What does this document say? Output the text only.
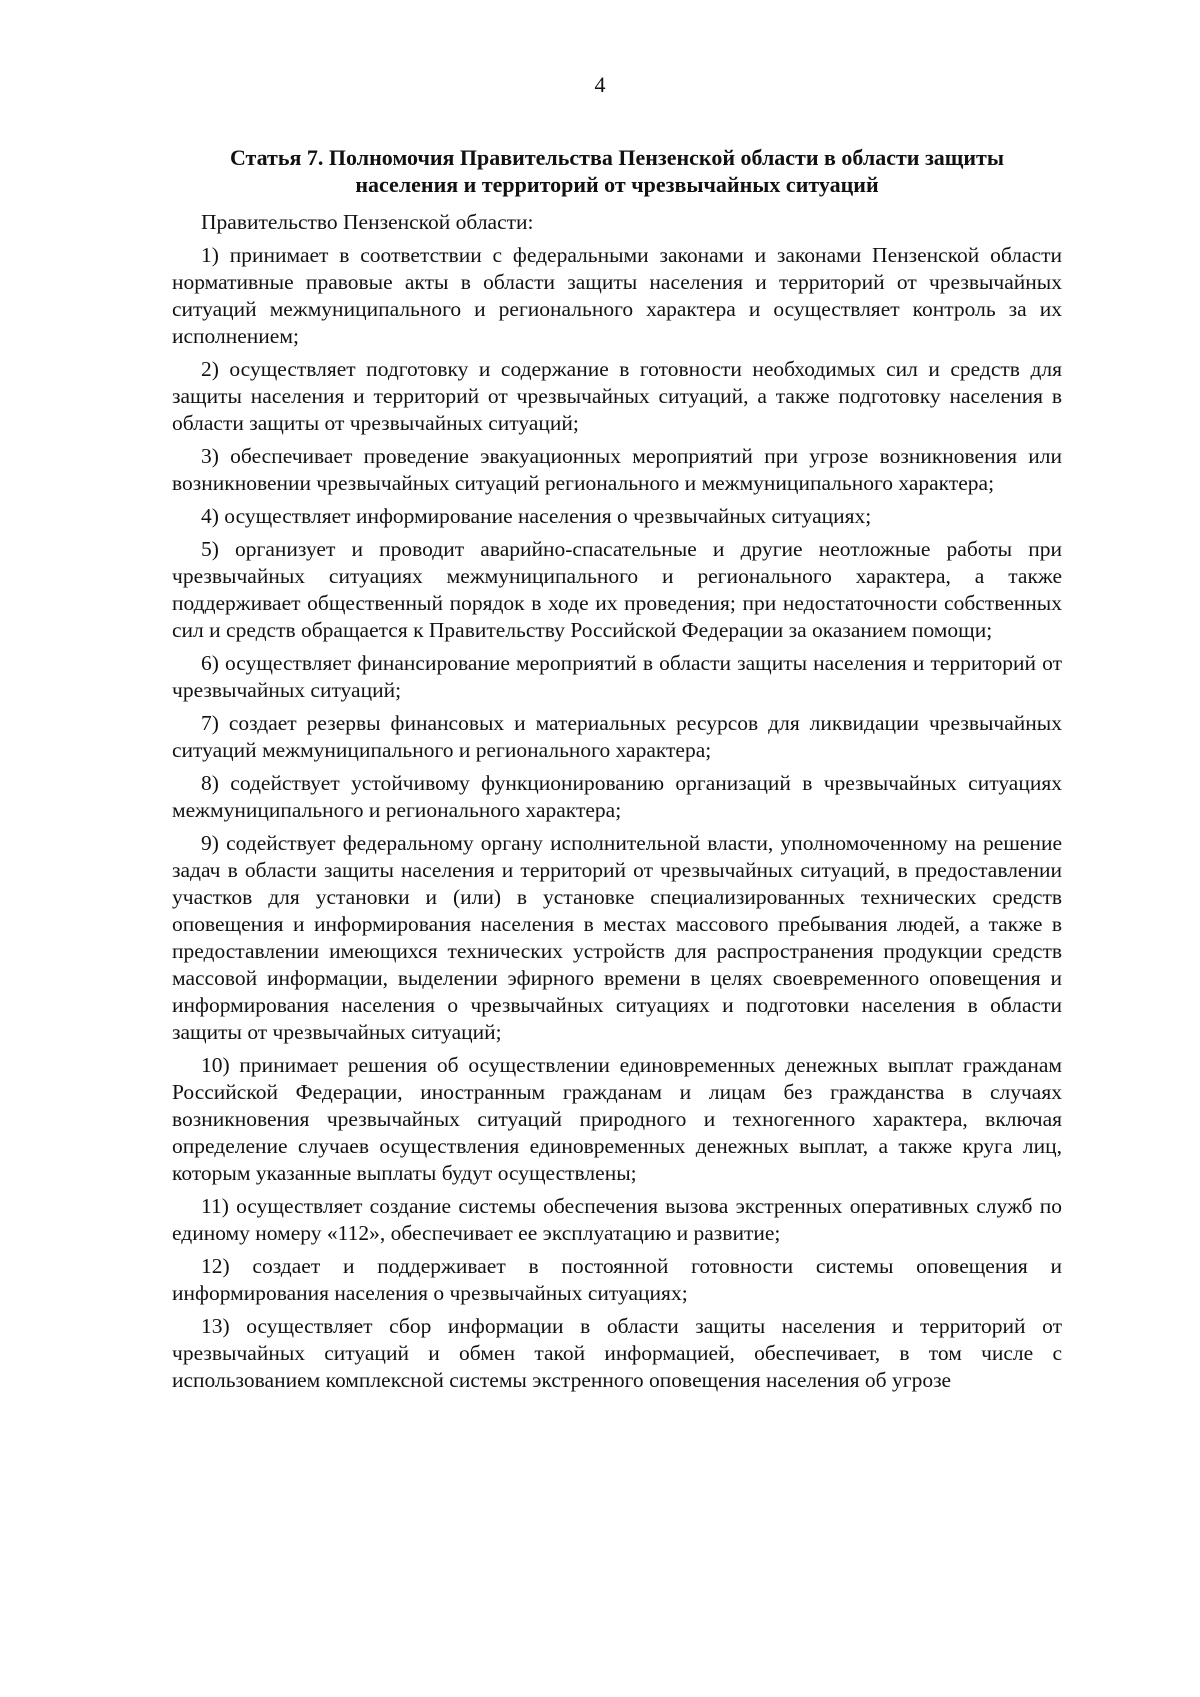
4
Статья 7. Полномочия Правительства Пензенской области в области защиты
населения и территорий от чрезвычайных ситуаций

Правительство Пензенской области:

1) принимает в соответствии с федеральными законами и законами Пензенской области нормативные правовые акты в области защиты населения и территорий от чрезвычайных ситуаций межмуниципального и регионального характера и осуществляет контроль за их исполнением;

2) осуществляет подготовку и содержание в готовности необходимых сил и средств для защиты населения и территорий от чрезвычайных ситуаций, а также подготовку населения в области защиты от чрезвычайных ситуаций;

3) обеспечивает проведение эвакуационных мероприятий при угрозе возникновения или возникновении чрезвычайных ситуаций регионального и межмуниципального характера;

4) осуществляет информирование населения о чрезвычайных ситуациях;

5) организует и проводит аварийно-спасательные и другие неотложные работы при чрезвычайных ситуациях межмуниципального и регионального характера, а также поддерживает общественный порядок в ходе их проведения; при недостаточности собственных сил и средств обращается к Правительству Российской Федерации за оказанием помощи;

6) осуществляет финансирование мероприятий в области защиты населения и территорий от чрезвычайных ситуаций;

7) создает резервы финансовых и материальных ресурсов для ликвидации чрезвычайных ситуаций межмуниципального и регионального характера;

8) содействует устойчивому функционированию организаций в чрезвычайных ситуациях межмуниципального и регионального характера;

9) содействует федеральному органу исполнительной власти, уполномоченному на решение задач в области защиты населения и территорий от чрезвычайных ситуаций, в предоставлении участков для установки и (или) в установке специализированных технических средств оповещения и информирования населения в местах массового пребывания людей, а также в предоставлении имеющихся технических устройств для распространения продукции средств массовой информации, выделении эфирного времени в целях своевременного оповещения и информирования населения о чрезвычайных ситуациях и подготовки населения в области защиты от чрезвычайных ситуаций;

10) принимает решения об осуществлении единовременных денежных выплат гражданам Российской Федерации, иностранным гражданам и лицам без гражданства в случаях возникновения чрезвычайных ситуаций природного и техногенного характера, включая определение случаев осуществления единовременных денежных выплат, а также круга лиц, которым указанные выплаты будут осуществлены;

11) осуществляет создание системы обеспечения вызова экстренных оперативных служб по единому номеру «112», обеспечивает ее эксплуатацию и развитие;

12) создает и поддерживает в постоянной готовности системы оповещения и информирования населения о чрезвычайных ситуациях;

13) осуществляет сбор информации в области защиты населения и территорий от чрезвычайных ситуаций и обмен такой информацией, обеспечивает, в том числе с использованием комплексной системы экстренного оповещения населения об угрозе
